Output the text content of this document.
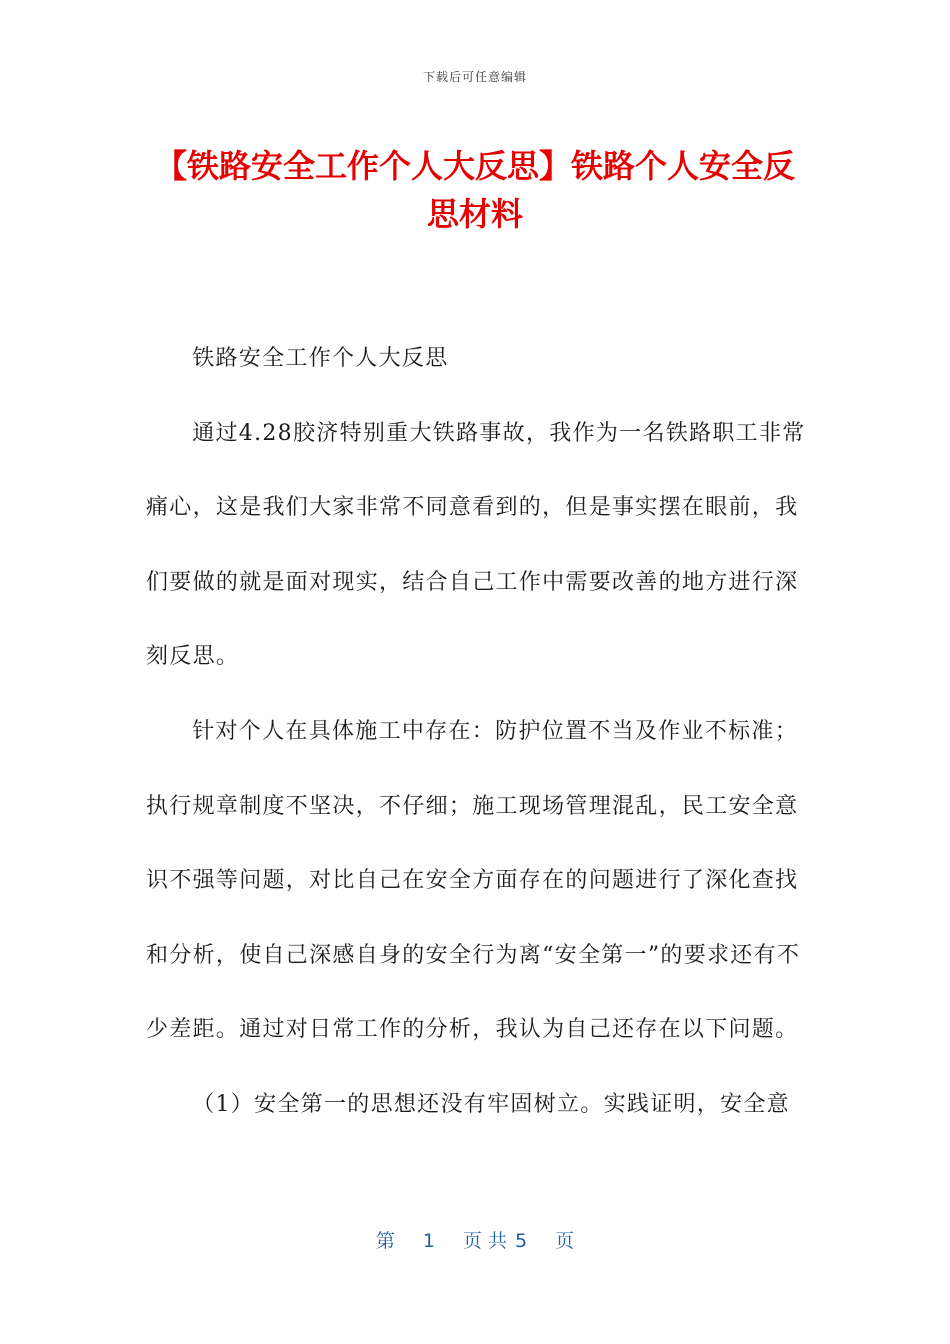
下载后可任意编辑
【铁路安全工作个人大反思】铁路个人安全反思材料

铁路安全工作个人大反思

通过4.28胶济特别重大铁路事故，我作为一名铁路职工非常痛心，这是我们大家非常不同意看到的，但是事实摆在眼前，我们要做的就是面对现实，结合自己工作中需要改善的地方进行深刻反思。

针对个人在具体施工中存在：防护位置不当及作业不标准；执行规章制度不坚决，不仔细；施工现场管理混乱，民工安全意识不强等问题，对比自己在安全方面存在的问题进行了深化查找和分析，使自己深感自身的安全行为离“安全第一”的要求还有不少差距。通过对日常工作的分析，我认为自己还存在以下问题。

（1）安全第一的思想还没有牢固树立。实践证明，安全意

第 1 页 共 5 页
